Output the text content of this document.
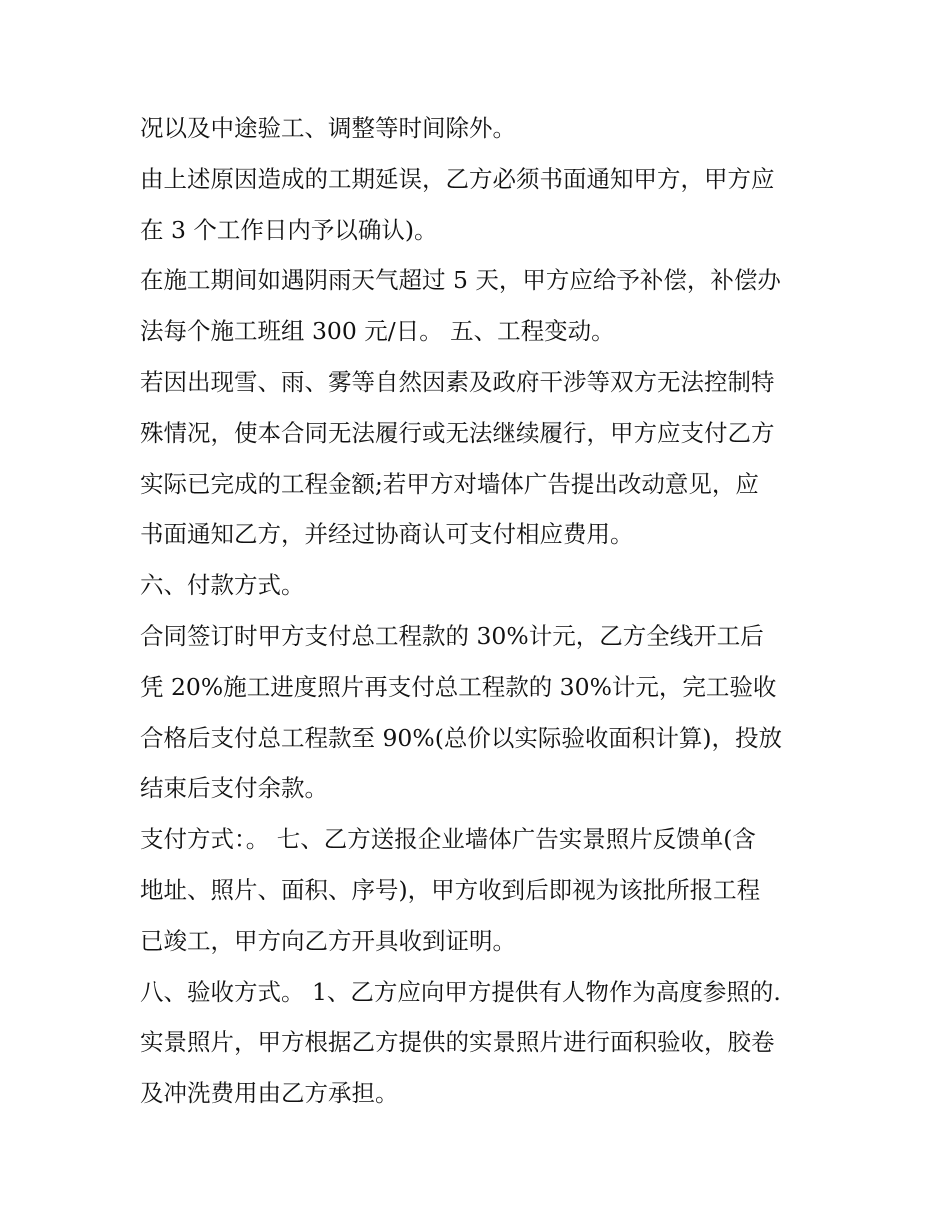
况以及中途验工、调整等时间除外。
由上述原因造成的工期延误，乙方必须书面通知甲方，甲方应
在 3 个工作日内予以确认)。
在施工期间如遇阴雨天气超过 5 天，甲方应给予补偿，补偿办
法每个施工班组 300 元/日。 五、工程变动。
若因出现雪、雨、雾等自然因素及政府干涉等双方无法控制特
殊情况，使本合同无法履行或无法继续履行，甲方应支付乙方
实际已完成的工程金额;若甲方对墙体广告提出改动意见，应
书面通知乙方，并经过协商认可支付相应费用。
六、付款方式。
合同签订时甲方支付总工程款的 30%计元，乙方全线开工后
凭 20%施工进度照片再支付总工程款的 30%计元，完工验收
合格后支付总工程款至 90%(总价以实际验收面积计算)，投放
结束后支付余款。
支付方式：。 七、乙方送报企业墙体广告实景照片反馈单(含
地址、照片、面积、序号)，甲方收到后即视为该批所报工程
已竣工，甲方向乙方开具收到证明。
八、验收方式。 1、乙方应向甲方提供有人物作为高度参照的.
实景照片，甲方根据乙方提供的实景照片进行面积验收，胶卷
及冲洗费用由乙方承担。
